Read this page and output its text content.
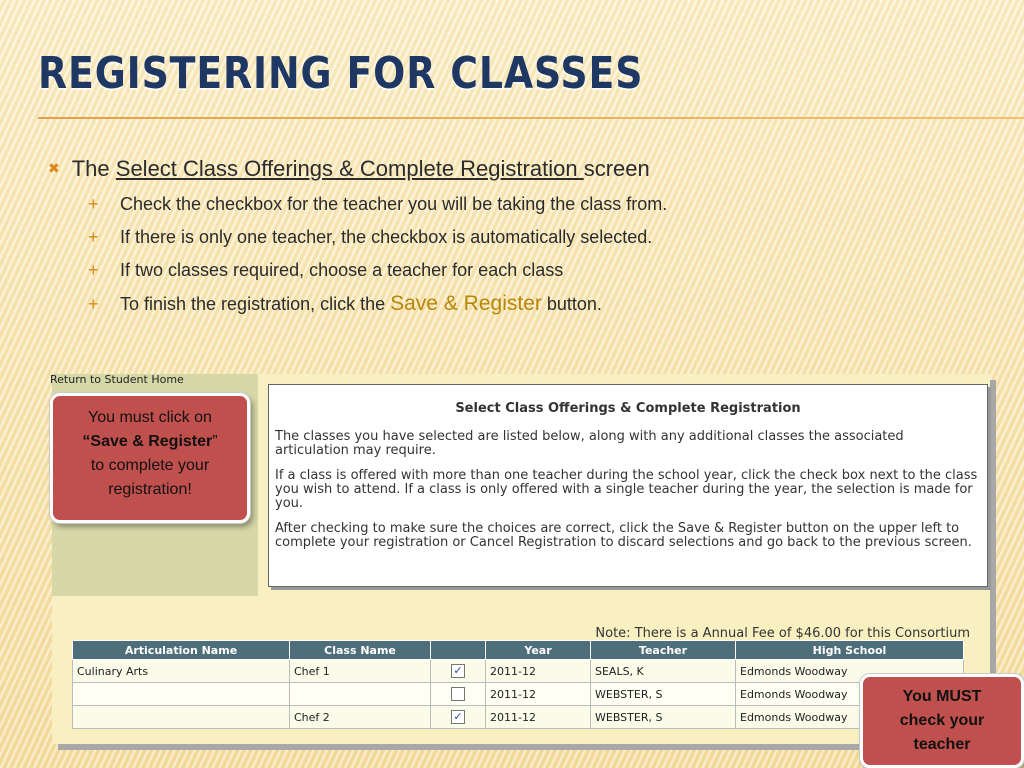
REGISTERING FOR CLASSES
✖ The Select Class Offerings & Complete Registration screen
+ Check the checkbox for the teacher you will be taking the class from.
+ If there is only one teacher, the checkbox is automatically selected.
+ If two classes required, choose a teacher for each class
+ To finish the registration, click the Save & Register button.
Return to Student Home
Select Class Offerings & Complete Registration

The classes you have selected are listed below, along with any additional classes the associated articulation may require.

If a class is offered with more than one teacher during the school year, click the check box next to the class you wish to attend. If a class is only offered with a single teacher during the year, the selection is made for you.

After checking to make sure the choices are correct, click the Save & Register button on the upper left to complete your registration or Cancel Registration to discard selections and go back to the previous screen.

Note: There is a Annual Fee of $46.00 for this Consortium
Articulation Name	Class Name		Year	Teacher	High School
Culinary Arts	Chef 1	✓	2011-12	SEALS, K	Edmonds Woodway
			2011-12	WEBSTER, S	Edmonds Woodway
	Chef 2	✓	2011-12	WEBSTER, S	Edmonds Woodway
You must click on
“Save & Register”
to complete your
registration!
You MUST
check your
teacher
